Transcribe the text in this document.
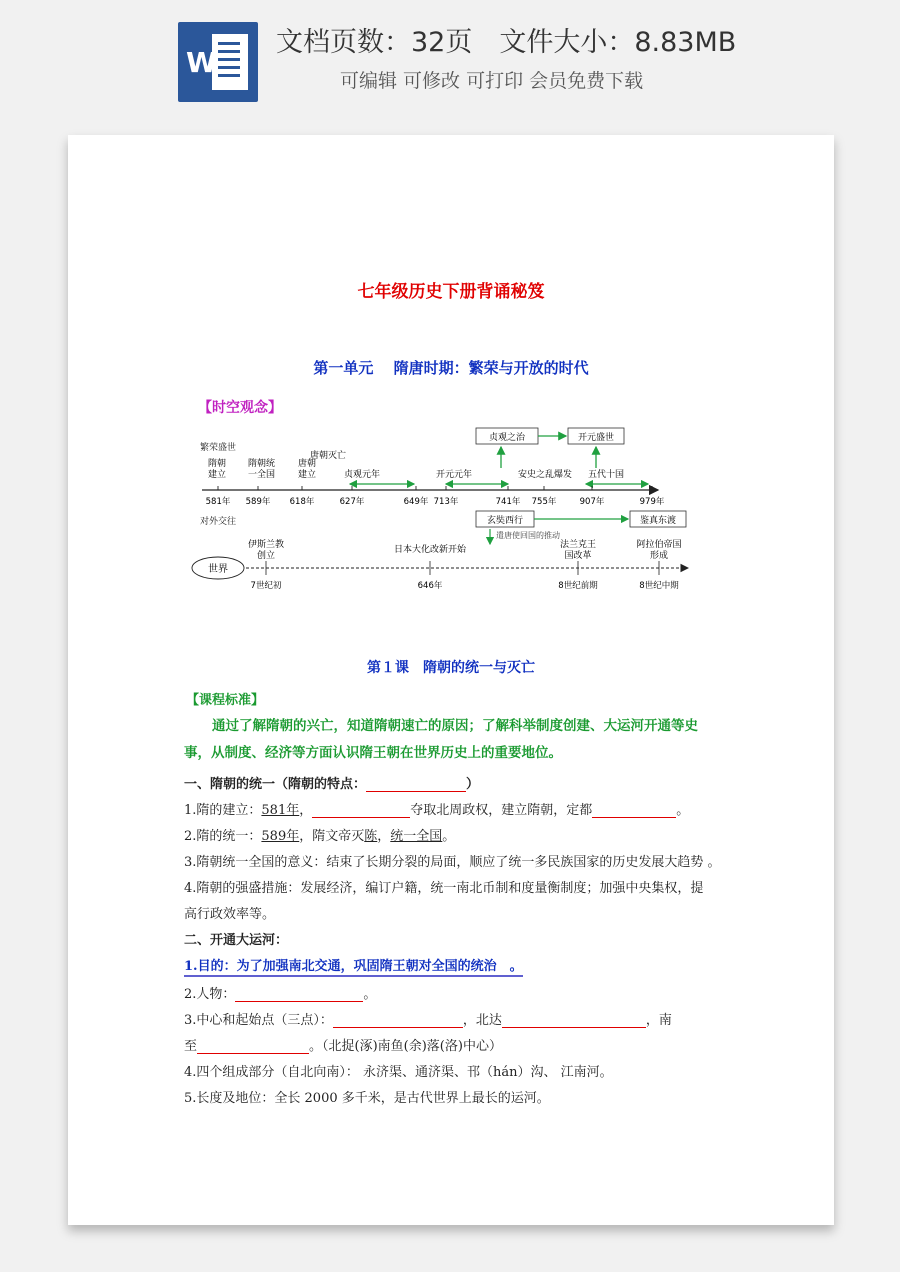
W
文档页数：32页　文件大小：8.83MB
可编辑 可修改 可打印 会员免费下载
七年级历史下册背诵秘笈
第一单元　 隋唐时期：繁荣与开放的时代
【时空观念】
繁荣盛世
对外交往
贞观之治	开元盛世
唐朝灭亡
隋朝
建立
隋朝统
一全国
唐朝
建立	贞观元年	开元元年	安史之乱爆发 五代十国
581年 589年 618年	627年	649年 713年	741年 755年	907年	979年
玄奘西行	鉴真东渡
遣唐使回国的推动
伊斯兰教
创立
日本大化改新开始	法兰克王
国改革
阿拉伯帝国
形成
世界
7世纪初	646年	8世纪前期	8世纪中期
第１课　隋朝的统一与灭亡
【课程标准】
通过了解隋朝的兴亡，知道隋朝速亡的原因；了解科举制度创建、大运河开通等史事，从制度、经济等方面认识隋王朝在世界历史上的重要地位。
一、隋朝的统一（隋朝的特点：	）
1.隋的建立：581年，	夺取北周政权，建立隋朝，定都	。
2.隋的统一：589年，隋文帝灭陈，统一全国。
3.隋朝统一全国的意义：结束了长期分裂的局面，顺应了统一多民族国家的历史发展大趋势 。
4.隋朝的强盛措施：发展经济，编订户籍，统一南北币制和度量衡制度；加强中央集权，提
高行政效率等。
二、开通大运河：
1.目的：为了加强南北交通，巩固隋王朝对全国的统治　。
2.人物：	。
3.中心和起始点（三点）：	，北达	，南
至	。（北捉(涿)南鱼(余)落(洛)中心）
4.四个组成部分（自北向南）： 永济渠、通济渠、邗（hán）沟、 江南河。
5.长度及地位：全长 2000 多千米，是古代世界上最长的运河。
